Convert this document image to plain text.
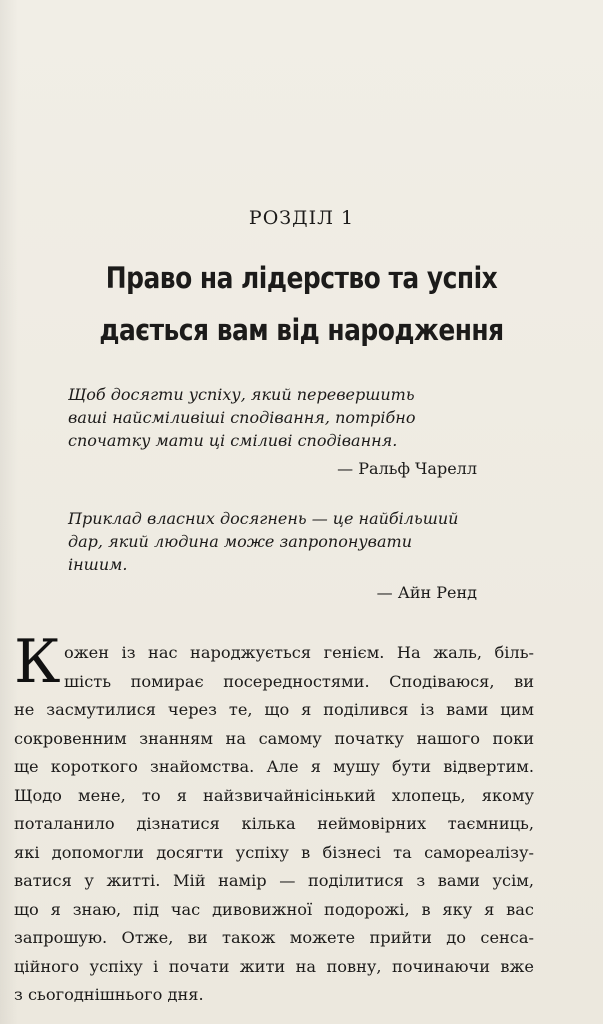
РОЗДІЛ 1
Право на лідерство та успіх
дається вам від народження
Щоб досягти успіху, який перевершить
ваші найсміливіші сподівання, потрібно
спочатку мати ці сміливі сподівання.
— Ральф Чарелл
Приклад власних досягнень — це найбільший
дар, який людина може запропонувати
іншим.
— Айн Ренд
К ожен із нас народжується генієм. На жаль, біль-
шість помирає посередностями. Сподіваюся, ви
не засмутилися через те, що я поділився із вами цим
сокровенним знанням на самому початку нашого поки
ще короткого знайомства. Але я мушу бути відвертим.
Щодо мене, то я найзвичайнісінький хлопець, якому
поталанило дізнатися кілька неймовірних таємниць,
які допомогли досягти успіху в бізнесі та самореалізу-
ватися у житті. Мій намір — поділитися з вами усім,
що я знаю, під час дивовижної подорожі, в яку я вас
запрошую. Отже, ви також можете прийти до сенса-
ційного успіху і почати жити на повну, починаючи вже
з сьогоднішнього дня.
